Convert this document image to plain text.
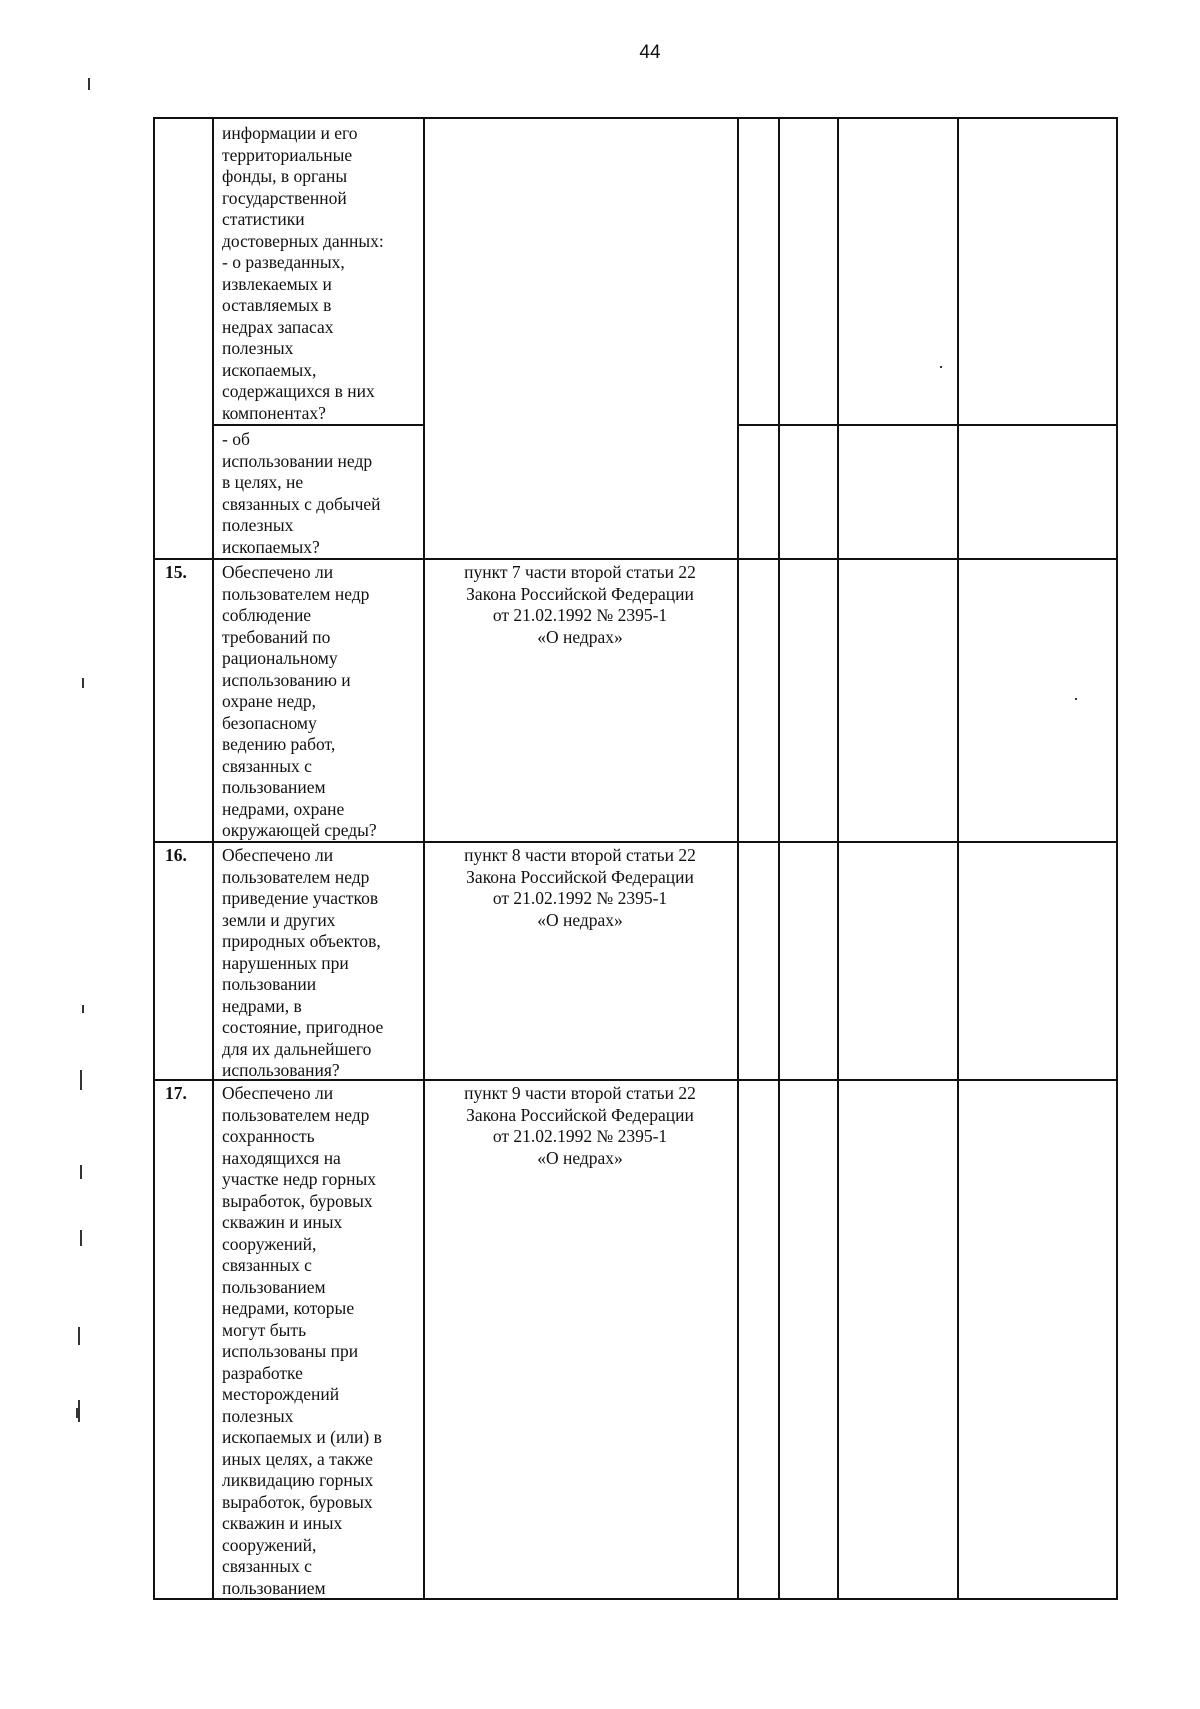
44
информации и его
территориальные
фонды, в органы
государственной
статистики
достоверных данных:
- о разведанных,
извлекаемых и
оставляемых в
недрах запасах
полезных
ископаемых,
содержащихся в них
компонентах?
- об
использовании недр
в целях, не
связанных с добычей
полезных
ископаемых?
15. Обеспечено ли
пользователем недр
соблюдение
требований по
рациональному
использованию и
охране недр,
безопасному
ведению работ,
связанных с
пользованием
недрами, охране
окружающей среды?
пункт 7 части второй статьи 22
Закона Российской Федерации
от 21.02.1992 № 2395-1
«О недрах»
16. Обеспечено ли
пользователем недр
приведение участков
земли и других
природных объектов,
нарушенных при
пользовании
недрами, в
состояние, пригодное
для их дальнейшего
использования?
пункт 8 части второй статьи 22
Закона Российской Федерации
от 21.02.1992 № 2395-1
«О недрах»
17. Обеспечено ли
пользователем недр
сохранность
находящихся на
участке недр горных
выработок, буровых
скважин и иных
сооружений,
связанных с
пользованием
недрами, которые
могут быть
использованы при
разработке
месторождений
полезных
ископаемых и (или) в
иных целях, а также
ликвидацию горных
выработок, буровых
скважин и иных
сооружений,
связанных с
пользованием
пункт 9 части второй статьи 22
Закона Российской Федерации
от 21.02.1992 № 2395-1
«О недрах»
